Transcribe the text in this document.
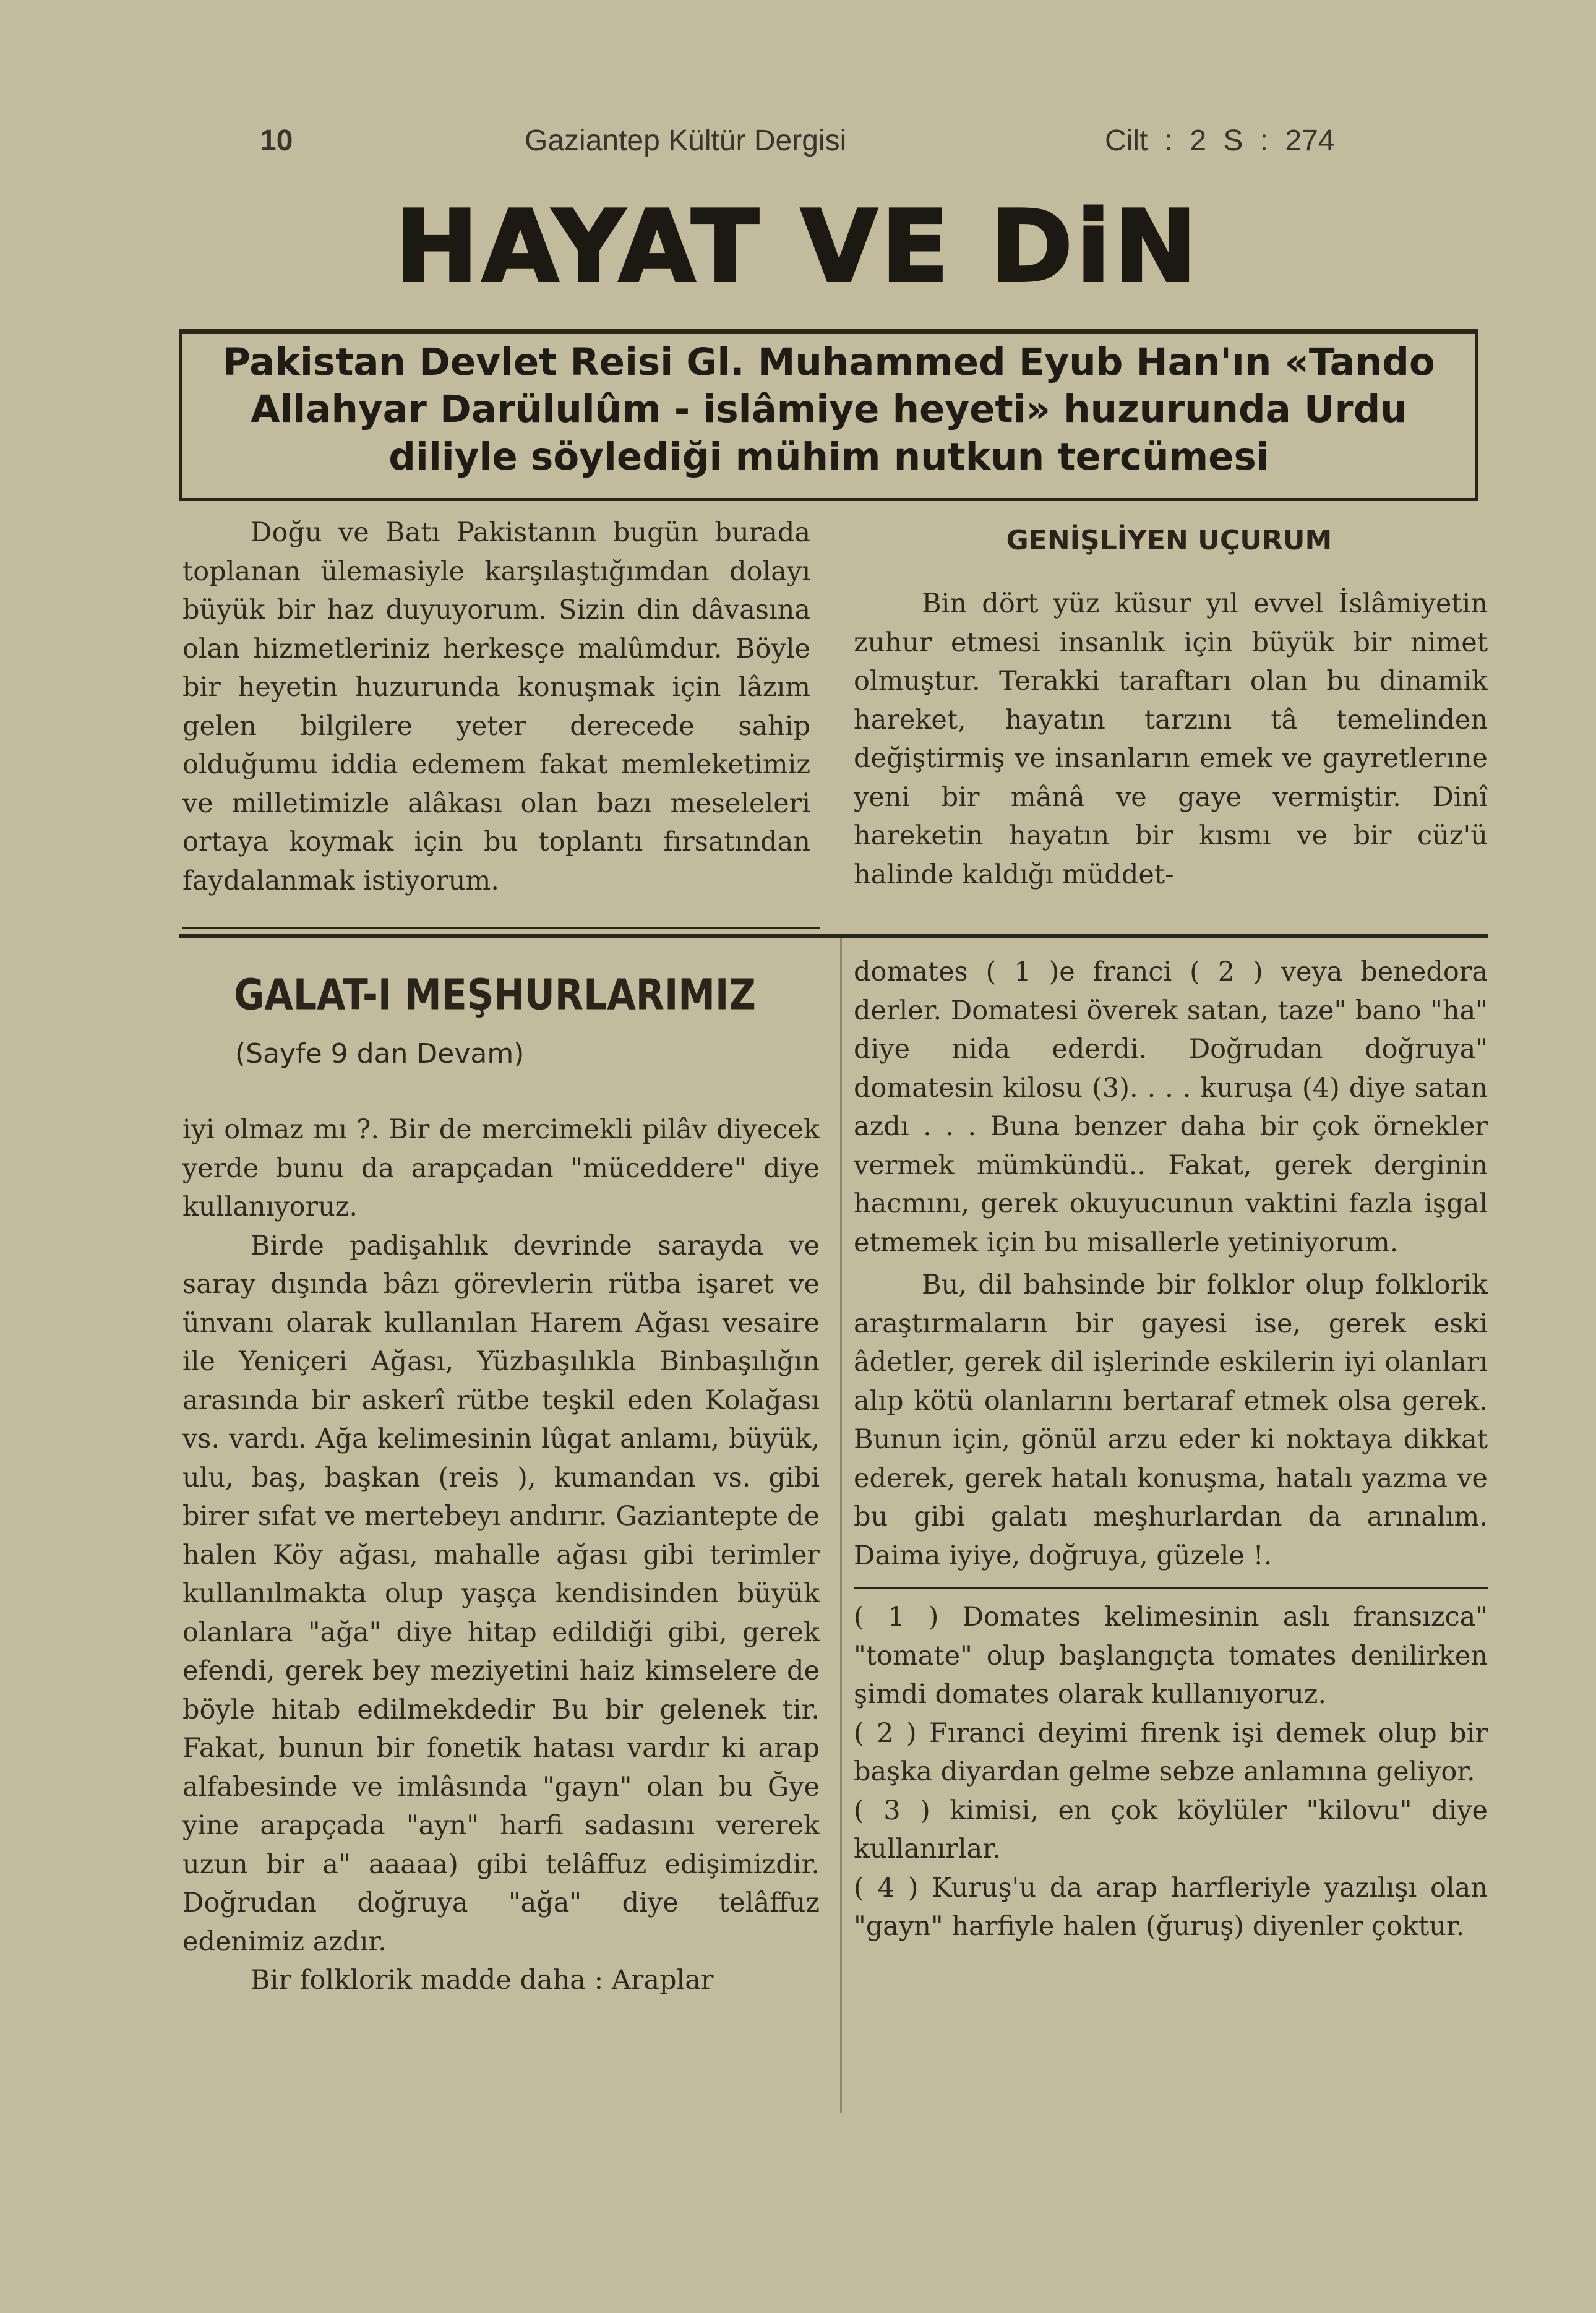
10	Gaziantep Kültür Dergisi	Cilt : 2 S : 274
HAYAT VE DiN
Pakistan Devlet Reisi Gl. Muhammed Eyub Han'ın «Tando Allahyar Darülulûm - islâmiye heyeti» huzurunda Urdu diliyle söylediği mühim nutkun tercümesi

Doğu ve Batı Pakistanın bugün burada toplanan ülemasiyle karşılaştığımdan dolayı büyük bir haz duyuyorum. Sizin din dâvasına olan hizmetleriniz herkesçe malûmdur. Böyle bir heyetin huzurunda konuşmak için lâzım gelen bilgilere yeter derecede sahip olduğumu iddia edemem fakat memleketimiz ve milletimizle alâkası olan bazı meseleleri ortaya koymak için bu toplantı fırsatından faydalanmak istiyorum.

GENİŞLİYEN UÇURUM

Bin dört yüz küsur yıl evvel İslâmiyetin zuhur etmesi insanlık için büyük bir nimet olmuştur. Terakki taraftarı olan bu dinamik hareket, hayatın tarzını tâ temelinden değiştirmiş ve insanların emek ve gayretlerıne yeni bir mânâ ve gaye vermiştir. Dinî hareketin hayatın bir kısmı ve bir cüz'ü halinde kaldığı müddet-

GALAT-I MEŞHURLARIMIZ
(Sayfe 9 dan Devam)

iyi olmaz mı ?. Bir de mercimekli pilâv diyecek yerde bunu da arapçadan "mücedderе" diye kullanıyoruz.

Birde padişahlık devrinde sarayda ve saray dışında bâzı görevlerin rütba işaret ve ünvanı olarak kullanılan Harem Ağası vesaire ile Yeniçeri Ağası, Yüzbaşılıkla Binbaşılığın arasında bir askerî rütbe teşkil eden Kolağası vs. vardı. Ağa kelimesinin lûgat anlamı, büyük, ulu, baş, başkan (reis ), kumandan vs. gibi birer sıfat ve mertebeyı andırır. Gaziantepte de halen Köy ağası, mahalle ağası gibi terimler kullanılmakta olup yaşça kendisinden büyük olanlara "ağa" diye hitap edildiği gibi, gerek efendi, gerek bey meziyetini haiz kimselere de böyle hitab edilmekdedir Bu bir gelenek tir. Fakat, bunun bir fonetik hatası vardır ki arap alfabesinde ve imlâsında "gayn" olan bu Ğye yine arapçada "ayn" harfi sadasını vererek uzun bir a" aaaaa) gibi telâffuz edişimizdir. Doğrudan doğruya "ağa" diye telâffuz edenimiz azdır.

Bir folklorik madde daha : Araplar

domates ( 1 )e franci ( 2 ) veya benedora derler. Domatesi överek satan, taze" bano "ha" diye nida ederdi. Doğrudan doğruya" domatesin kilosu (3). . . . kuruşa (4) diye satan azdı . . . Buna benzer daha bir çok örnekler vermek mümkündü.. Fakat, gerek derginin hacmını, gerek okuyucunun vaktini fazla işgal etmemek için bu misallerle yetiniyorum.

Bu, dil bahsinde bir folklor olup folklorik araştırmaların bir gayesi ise, gerek eski âdetler, gerek dil işlerinde eskilerin iyi olanları alıp kötü olanlarını bertaraf etmek olsa gerek. Bunun için, gönül arzu eder ki noktaya dikkat ederek, gerek hatalı konuşma, hatalı yazma ve bu gibi galatı meşhurlardan da arınalım. Daima iyiye, doğruya, güzele !.

( 1 ) Domates kelimesinin aslı fransızca" "tomate" olup başlangıçta tomates denilirken şimdi domates olarak kullanıyoruz.

( 2 ) Fıranci deyimi firenk işi demek olup bir başka diyardan gelme sebze anlamına geliyor.

( 3 ) kimisi, en çok köylüler "kilovu" diye kullanırlar.

( 4 ) Kuruş'u da arap harfleriyle yazılışı olan "gayn" harfiyle halen (ğuruş) diyenler çoktur.
